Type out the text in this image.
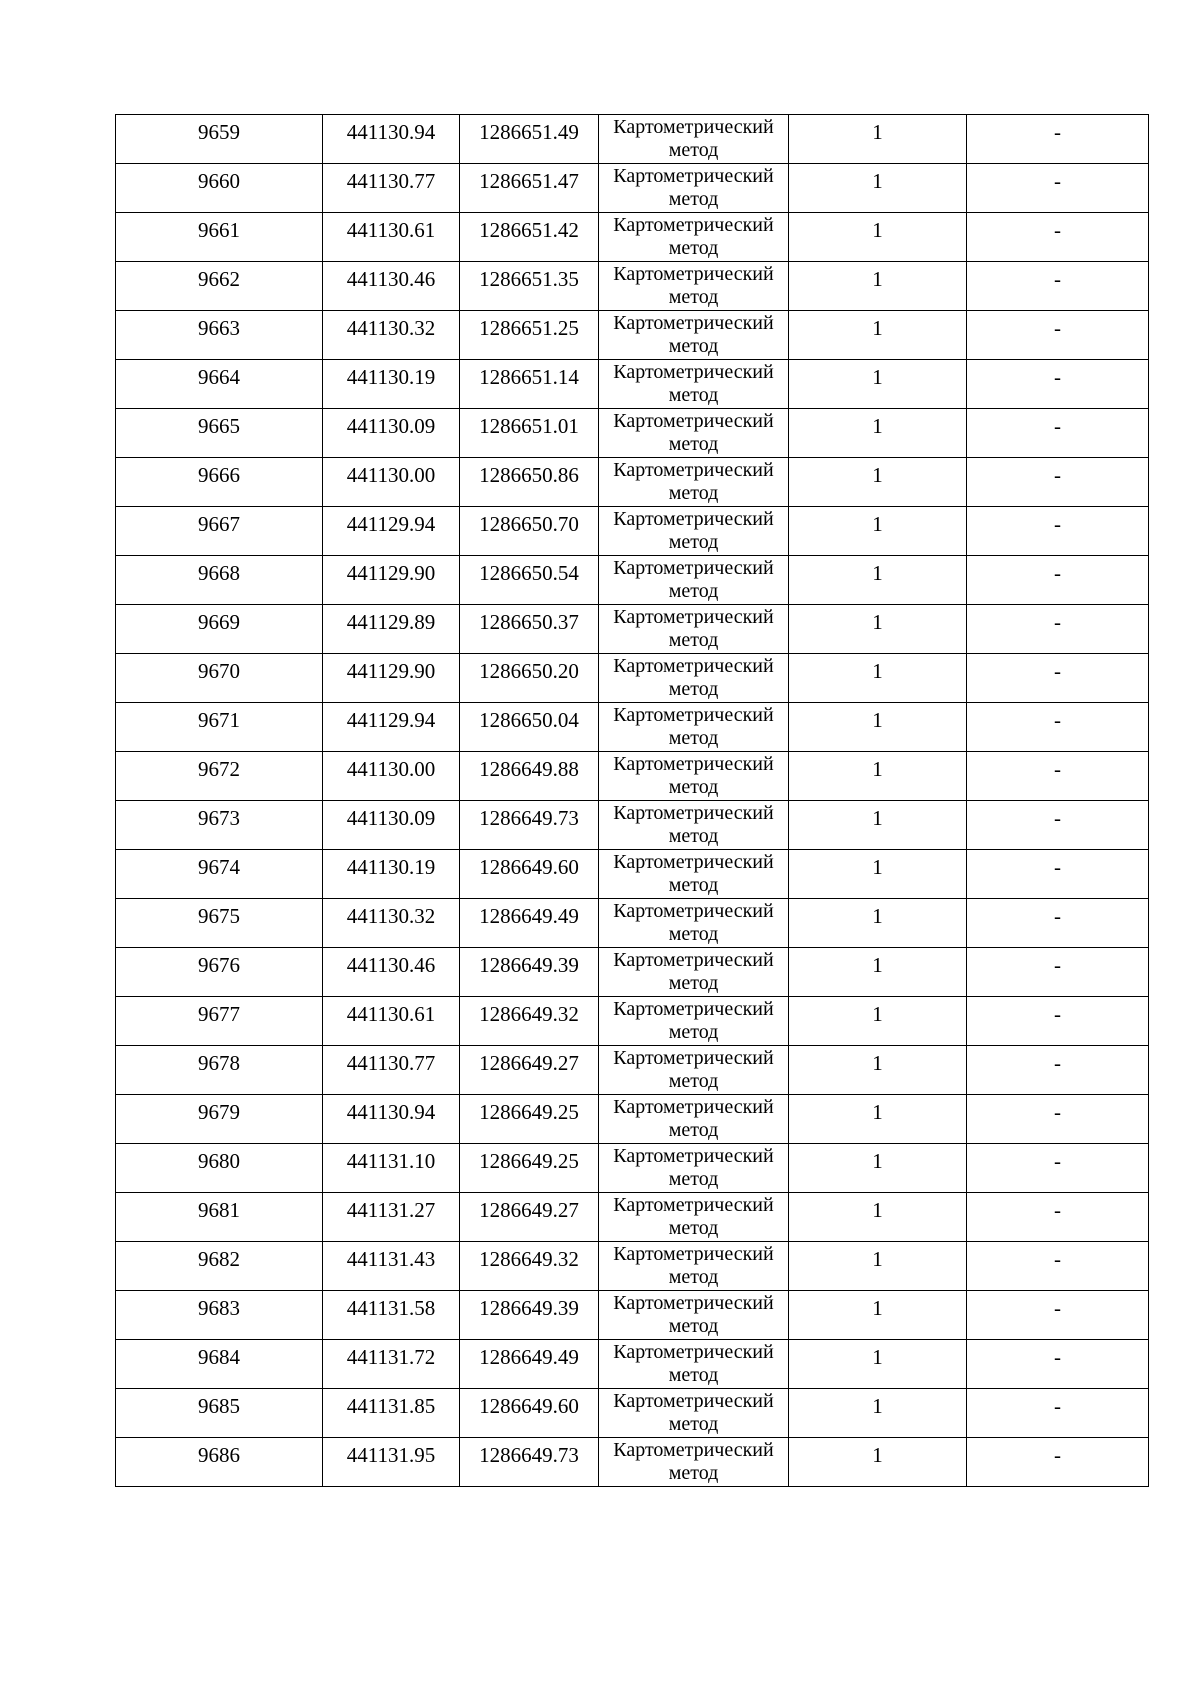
9659	441130.94	1286651.49	Картометрический метод	1	-

9660	441130.77	1286651.47	Картометрический метод	1	-

9661	441130.61	1286651.42	Картометрический метод	1	-

9662	441130.46	1286651.35	Картометрический метод	1	-

9663	441130.32	1286651.25	Картометрический метод	1	-

9664	441130.19	1286651.14	Картометрический метод	1	-

9665	441130.09	1286651.01	Картометрический метод	1	-

9666	441130.00	1286650.86	Картометрический метод	1	-

9667	441129.94	1286650.70	Картометрический метод	1	-

9668	441129.90	1286650.54	Картометрический метод	1	-

9669	441129.89	1286650.37	Картометрический метод	1	-

9670	441129.90	1286650.20	Картометрический метод	1	-

9671	441129.94	1286650.04	Картометрический метод	1	-

9672	441130.00	1286649.88	Картометрический метод	1	-

9673	441130.09	1286649.73	Картометрический метод	1	-

9674	441130.19	1286649.60	Картометрический метод	1	-

9675	441130.32	1286649.49	Картометрический метод	1	-

9676	441130.46	1286649.39	Картометрический метод	1	-

9677	441130.61	1286649.32	Картометрический метод	1	-

9678	441130.77	1286649.27	Картометрический метод	1	-

9679	441130.94	1286649.25	Картометрический метод	1	-

9680	441131.10	1286649.25	Картометрический метод	1	-

9681	441131.27	1286649.27	Картометрический метод	1	-

9682	441131.43	1286649.32	Картометрический метод	1	-

9683	441131.58	1286649.39	Картометрический метод	1	-

9684	441131.72	1286649.49	Картометрический метод	1	-

9685	441131.85	1286649.60	Картометрический метод	1	-

9686	441131.95	1286649.73	Картометрический метод	1	-
